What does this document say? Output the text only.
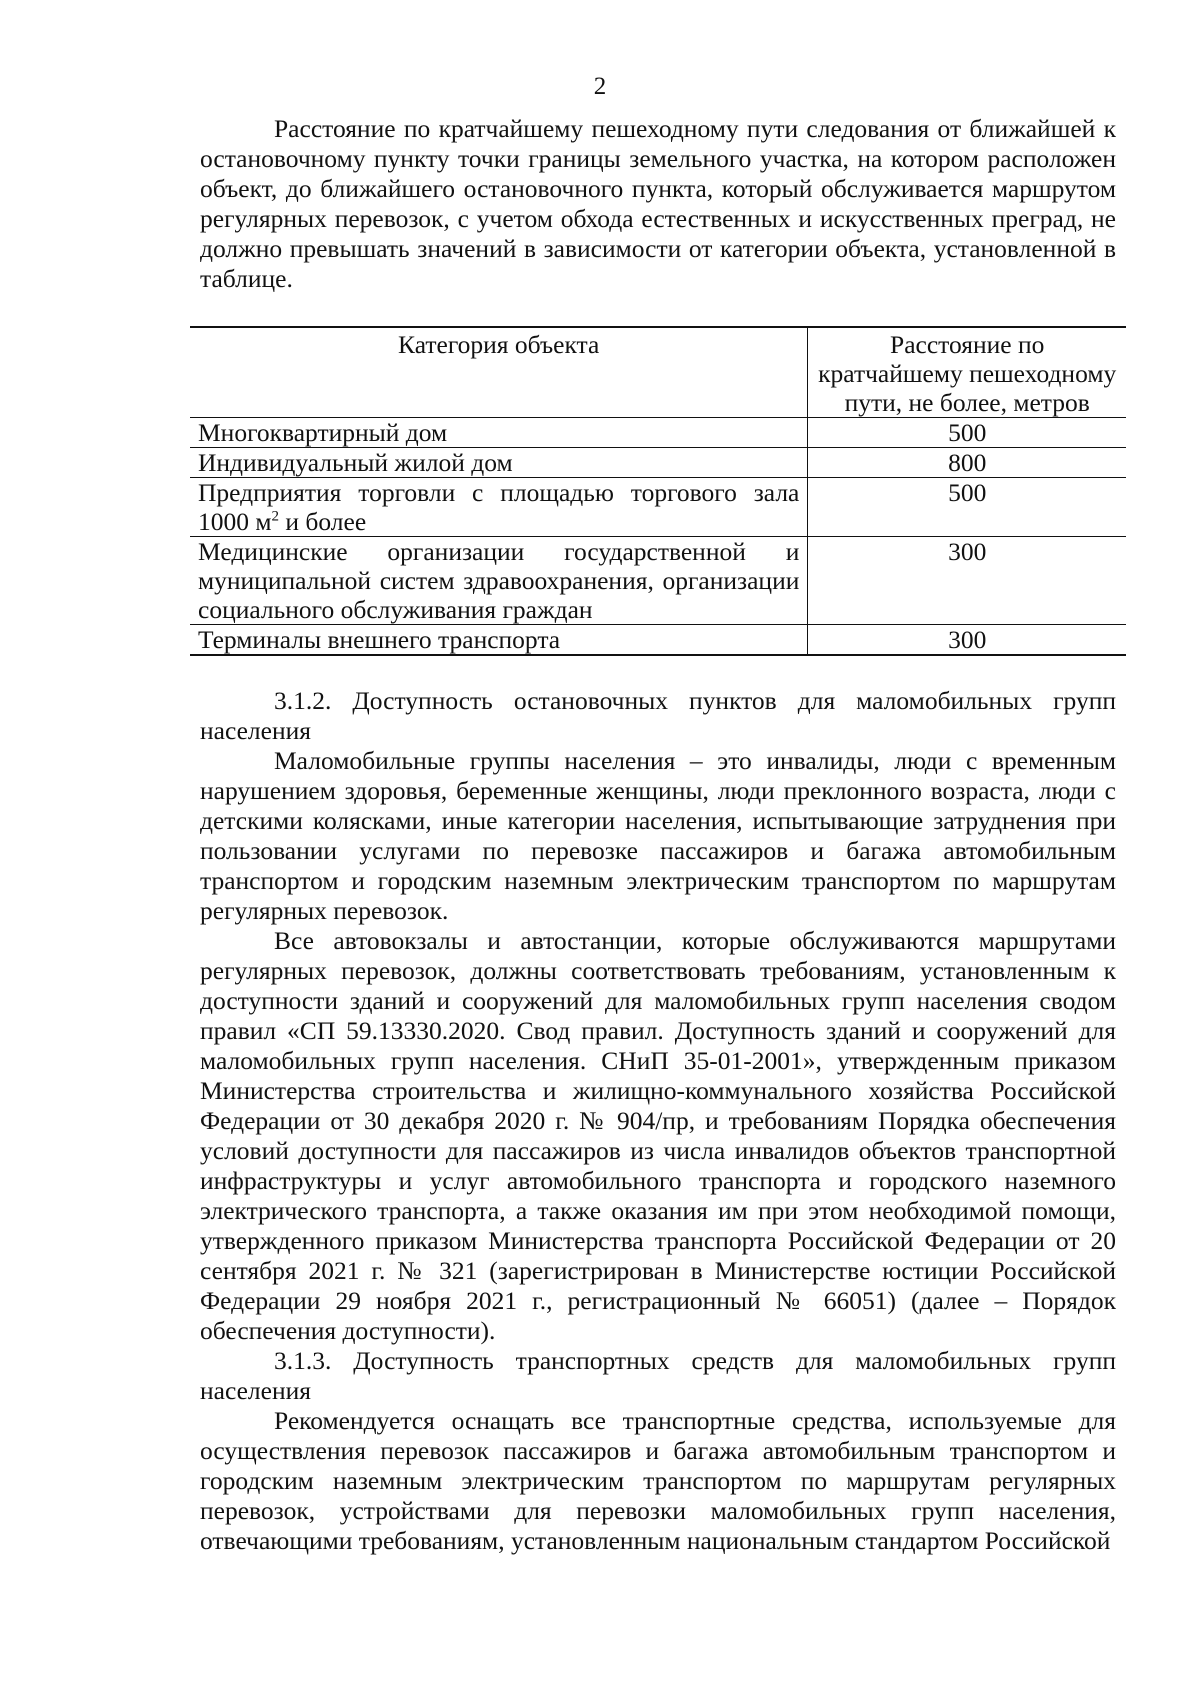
2

Расстояние по кратчайшему пешеходному пути следования от ближайшей к остановочному пункту точки границы земельного участка, на котором расположен объект, до ближайшего остановочного пункта, который обслуживается маршрутом регулярных перевозок, с учетом обхода естественных и искусственных преград, не должно превышать значений в зависимости от категории объекта, установленной в таблице.

Категория объекта	Расстояние по кратчайшему пешеходному пути, не более, метров
Многоквартирный дом	500
Индивидуальный жилой дом	800
Предприятия торговли с площадью торгового зала 1000 $м^2$ и более	500
Медицинские организации государственной и муниципальной систем здравоохранения, организации социального обслуживания граждан	300
Терминалы внешнего транспорта	300

3.1.2. Доступность остановочных пунктов для маломобильных групп населения

Маломобильные группы населения – это инвалиды, люди с временным нарушением здоровья, беременные женщины, люди преклонного возраста, люди с детскими колясками, иные категории населения, испытывающие затруднения при пользовании услугами по перевозке пассажиров и багажа автомобильным транспортом и городским наземным электрическим транспортом по маршрутам регулярных перевозок.

Все автовокзалы и автостанции, которые обслуживаются маршрутами регулярных перевозок, должны соответствовать требованиям, установленным к доступности зданий и сооружений для маломобильных групп населения сводом правил «СП 59.13330.2020. Свод правил. Доступность зданий и сооружений для маломобильных групп населения. СНиП 35-01-2001», утвержденным приказом Министерства строительства и жилищно-коммунального хозяйства Российской Федерации от 30 декабря 2020 г. № 904/пр, и требованиям Порядка обеспечения условий доступности для пассажиров из числа инвалидов объектов транспортной инфраструктуры и услуг автомобильного транспорта и городского наземного электрического транспорта, а также оказания им при этом необходимой помощи, утвержденного приказом Министерства транспорта Российской Федерации от 20 сентября 2021 г. № 321 (зарегистрирован в Министерстве юстиции Российской Федерации 29 ноября 2021 г., регистрационный № 66051) (далее – Порядок обеспечения доступности).

3.1.3. Доступность транспортных средств для маломобильных групп населения

Рекомендуется оснащать все транспортные средства, используемые для осуществления перевозок пассажиров и багажа автомобильным транспортом и городским наземным электрическим транспортом по маршрутам регулярных перевозок, устройствами для перевозки маломобильных групп населения, отвечающими требованиям, установленным национальным стандартом Российской
